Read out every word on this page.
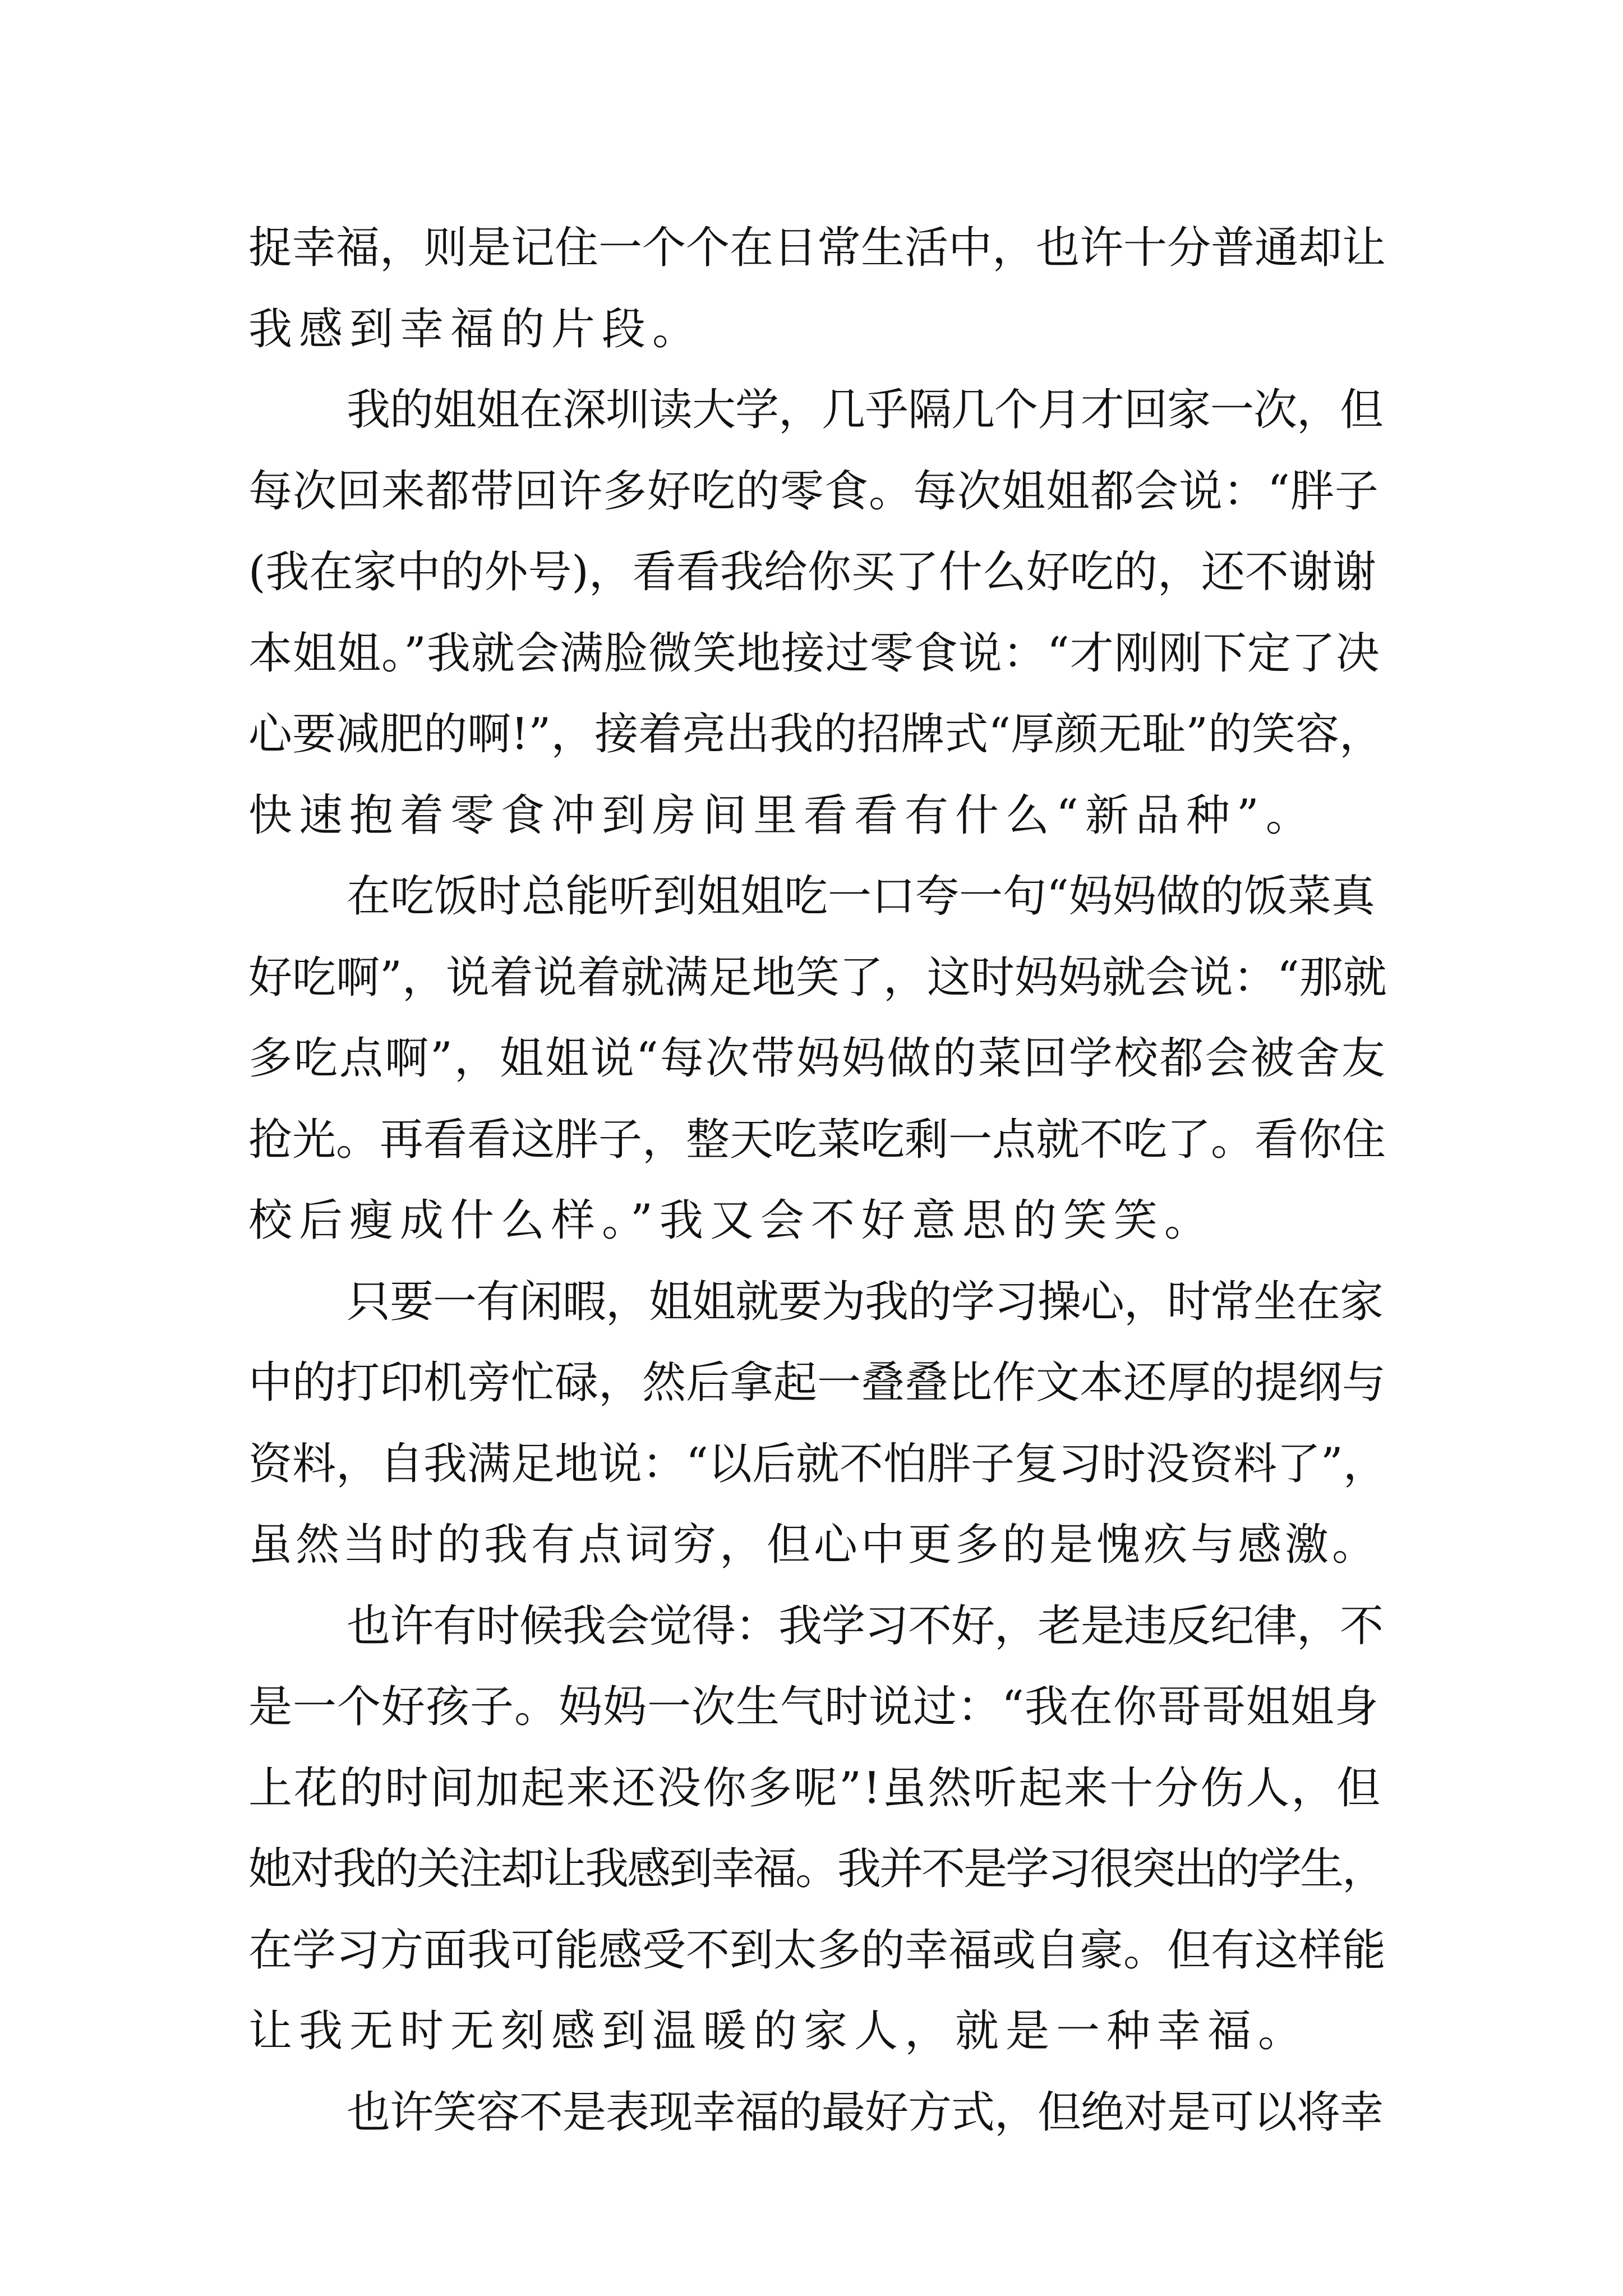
捉幸福，则是记住一个个在日常生活中，也许十分普通却让
我感到幸福的片段。
我的姐姐在深圳读大学，几乎隔几个月才回家一次，但
每次回来都带回许多好吃的零食。每次姐姐都会说：“胖子
(我在家中的外号)，看看我给你买了什么好吃的，还不谢谢
本姐姐。”我就会满脸微笑地接过零食说：“才刚刚下定了决
心要减肥的啊!”，接着亮出我的招牌式“厚颜无耻”的笑容，
快速抱着零食冲到房间里看看有什么“新品种”。
在吃饭时总能听到姐姐吃一口夸一句“妈妈做的饭菜真
好吃啊”，说着说着就满足地笑了，这时妈妈就会说：“那就
多吃点啊”，姐姐说“每次带妈妈做的菜回学校都会被舍友
抢光。再看看这胖子，整天吃菜吃剩一点就不吃了。看你住
校后瘦成什么样。”我又会不好意思的笑笑。
只要一有闲暇，姐姐就要为我的学习操心，时常坐在家
中的打印机旁忙碌，然后拿起一叠叠比作文本还厚的提纲与
资料，自我满足地说：“以后就不怕胖子复习时没资料了”，
虽然当时的我有点词穷，但心中更多的是愧疚与感激。
也许有时候我会觉得：我学习不好，老是违反纪律，不
是一个好孩子。妈妈一次生气时说过：“我在你哥哥姐姐身
上花的时间加起来还没你多呢”!虽然听起来十分伤人，但
她对我的关注却让我感到幸福。我并不是学习很突出的学生，
在学习方面我可能感受不到太多的幸福或自豪。但有这样能
让我无时无刻感到温暖的家人，就是一种幸福。
也许笑容不是表现幸福的最好方式，但绝对是可以将幸
